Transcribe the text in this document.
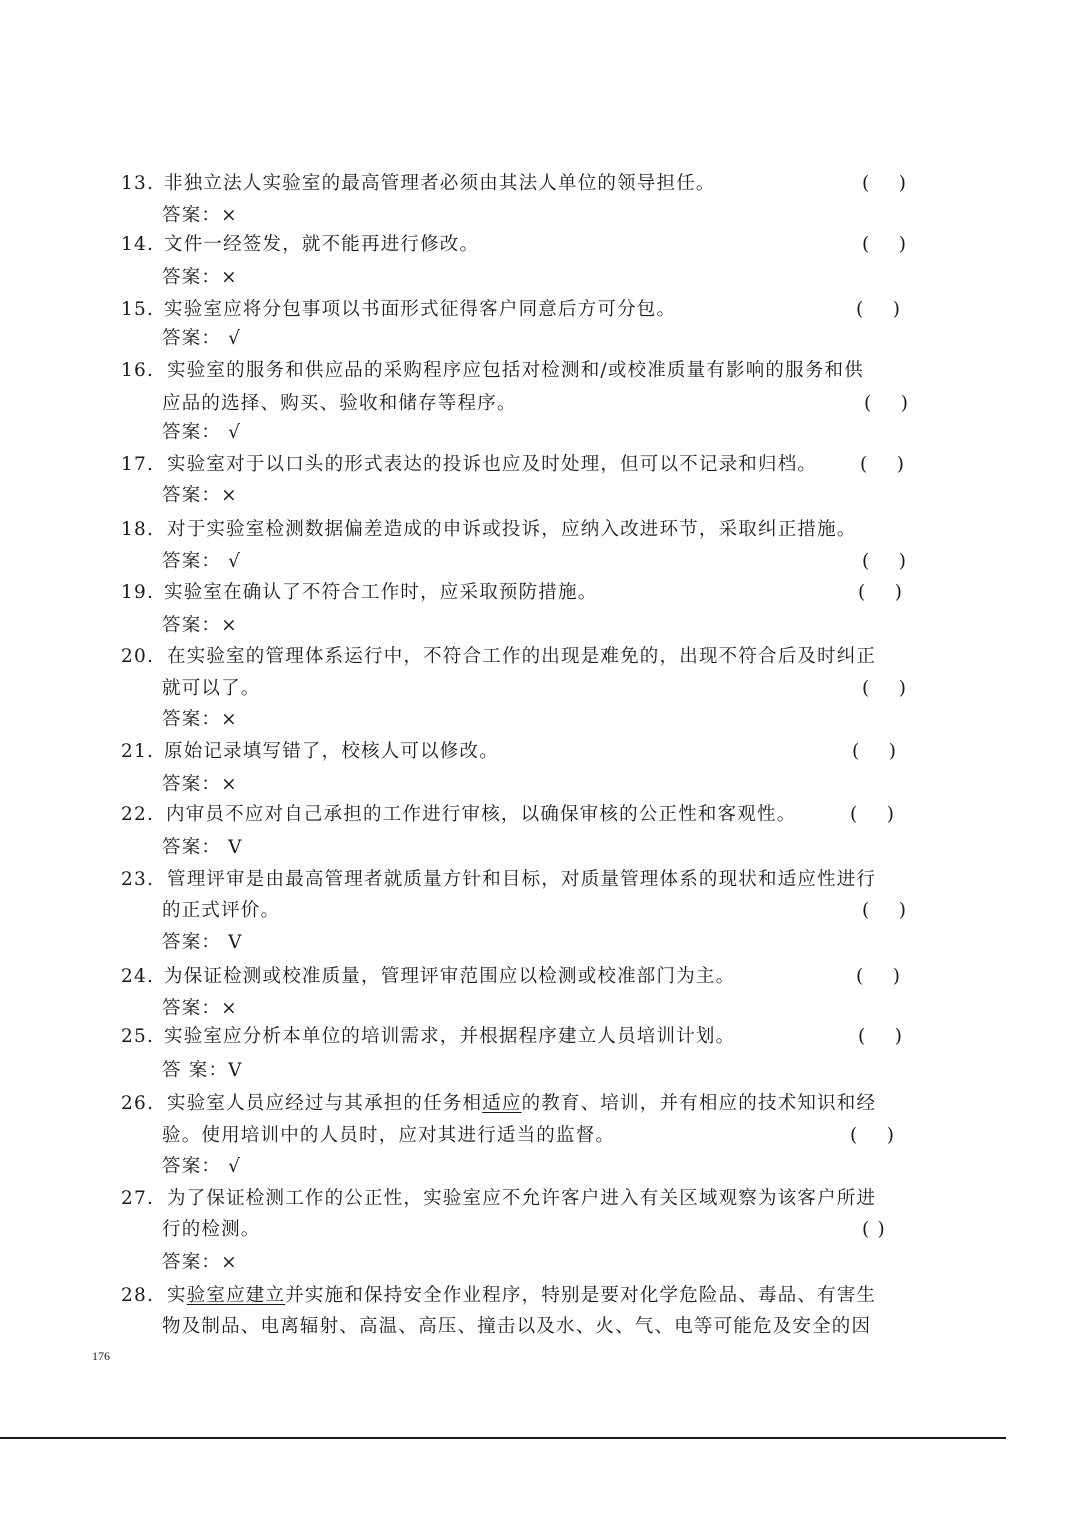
13. 非独立法人实验室的最高管理者必须由其法人单位的领导担任。	(    )
答案：×
14. 文件一经签发，就不能再进行修改。	(    )
答案：×
15. 实验室应将分包事项以书面形式征得客户同意后方可分包。	(    )
答案： √
16. 实验室的服务和供应品的采购程序应包括对检测和/或校准质量有影响的服务和供
应品的选择、购买、验收和储存等程序。	(    )
答案： √
17. 实验室对于以口头的形式表达的投诉也应及时处理，但可以不记录和归档。 (    )
答案：×
18. 对于实验室检测数据偏差造成的申诉或投诉，应纳入改进环节，采取纠正措施。
答案： √	(    )
19. 实验室在确认了不符合工作时，应采取预防措施。	(    )
答案：×
20. 在实验室的管理体系运行中，不符合工作的出现是难免的，出现不符合后及时纠正
就可以了。	(    )
答案：×
21. 原始记录填写错了，校核人可以修改。	(    )
答案：×
22. 内审员不应对自己承担的工作进行审核，以确保审核的公正性和客观性。	(    )
答案： V
23. 管理评审是由最高管理者就质量方针和目标，对质量管理体系的现状和适应性进行
的正式评价。	(    )
答案： V
24. 为保证检测或校准质量，管理评审范围应以检测或校准部门为主。	(    )
答案：×
25. 实验室应分析本单位的培训需求，并根据程序建立人员培训计划。	(    )
答 案：V
26. 实验室人员应经过与其承担的任务相适应的教育、培训，并有相应的技术知识和经
验。使用培训中的人员时，应对其进行适当的监督。	(    )
答案： √
27. 为了保证检测工作的公正性，实验室应不允许客户进入有关区域观察为该客户所进
行的检测。	( )
答案：×
28. 实验室应建立并实施和保持安全作业程序，特别是要对化学危险品、毒品、有害生
物及制品、电离辐射、高温、高压、撞击以及水、火、气、电等可能危及安全的因
176
